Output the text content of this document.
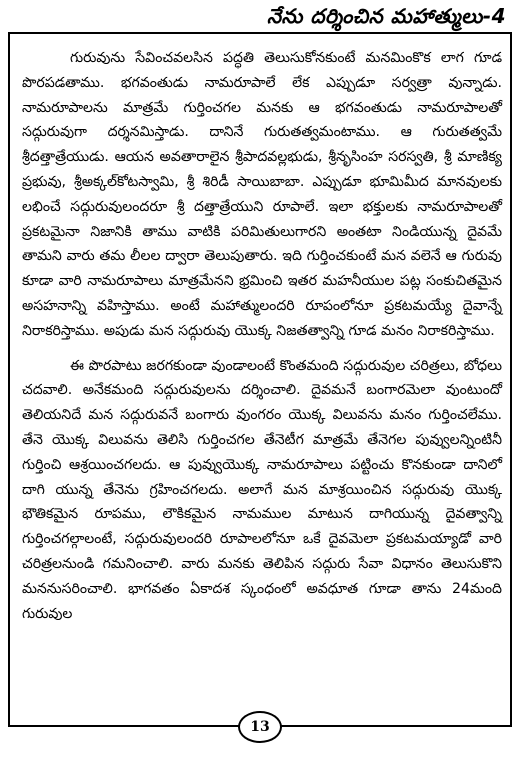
నేను దర్శించిన మహాత్ములు-4

గురువును సేవించవలసిన పద్ధతి తెలుసుకోనకుంటే మనమింకొక లాగ గూడ పొరపడతాము. భగవంతుడు నామరూపాలే లేక ఎప్పుడూ సర్వత్రా వున్నాడు. నామరూపాలను మాత్రమే గుర్తించగల మనకు ఆ భగవంతుడు నామరూపాలతో సద్గురువుగా దర్శనమిస్తాడు. దానినే గురుతత్వమంటాము. ఆ గురుతత్వమే శ్రీదత్తాత్రేయుడు. ఆయన అవతారాలైన శ్రీపాదవల్లభుడు, శ్రీనృసింహ సరస్వతి, శ్రీ మాణిక్య ప్రభువు, శ్రీఅక్కల్‌కోటస్వామి, శ్రీ శిరిడీ సాయిబాబా. ఎప్పుడూ భూమిమీద మానవులకు లభించే సద్గురువులందరూ శ్రీ దత్తాత్రేయుని రూపాలే. ఇలా భక్తులకు నామరూపాలతో ప్రకటమైనా నిజానికి తాము వాటికి పరిమితులుగారని అంతటా నిండియున్న దైవమే తామని వారు తమ లీలల ద్వారా తెలుపుతారు. ఇది గుర్తించకుంటే మన వలెనే ఆ గురువు కూడా వారి నామరూపాలు మాత్రమేనని భ్రమించి ఇతర మహనీయుల పట్ల సంకుచితమైన అసహనాన్ని వహిస్తాము. అంటే మహాత్ములందరి రూపంలోనూ ప్రకటమయ్యే దైవాన్నే నిరాకరిస్తాము. అపుడు మన సద్గురువు యొక్క నిజతత్వాన్ని గూడ మనం నిరాకరిస్తాము.

ఈ పొరపాటు జరగకుండా వుండాలంటే కొంతమంది సద్గురువుల చరిత్రలు, బోధలు చదవాలి. అనేకమంది సద్గురువులను దర్శించాలి. దైవమనే బంగారమెలా వుంటుందో తెలియనిదే మన సద్గురువనే బంగారు వుంగరం యొక్క విలువను మనం గుర్తించలేము. తేనె యొక్క విలువను తెలిసి గుర్తించగల తేనెటీగ మాత్రమే తేనెగల పువ్వులన్నింటినీ గుర్తించి ఆశ్రయించగలదు. ఆ పువ్వుయొక్క నామరూపాలు పట్టించు కొనకుండా దానిలో దాగి యున్న తేనెను గ్రహించగలదు. అలాగే మన మాశ్రయించిన సద్గురువు యొక్క భౌతికమైన రూపము, లౌకికమైన నామముల మాటున దాగియున్న దైవత్వాన్ని గుర్తించగల్గాలంటే, సద్గురువులందరి రూపాలలోనూ ఒకే దైవమెలా ప్రకటమయ్యాడో వారి చరిత్రలనుండి గమనించాలి. వారు మనకు తెలిపిన సద్గురు సేవా విధానం తెలుసుకొని మననుసరించాలి. భాగవతం ఏకాదశ స్కంధంలో అవధూత గూడా తాను 24మంది గురువుల

13
